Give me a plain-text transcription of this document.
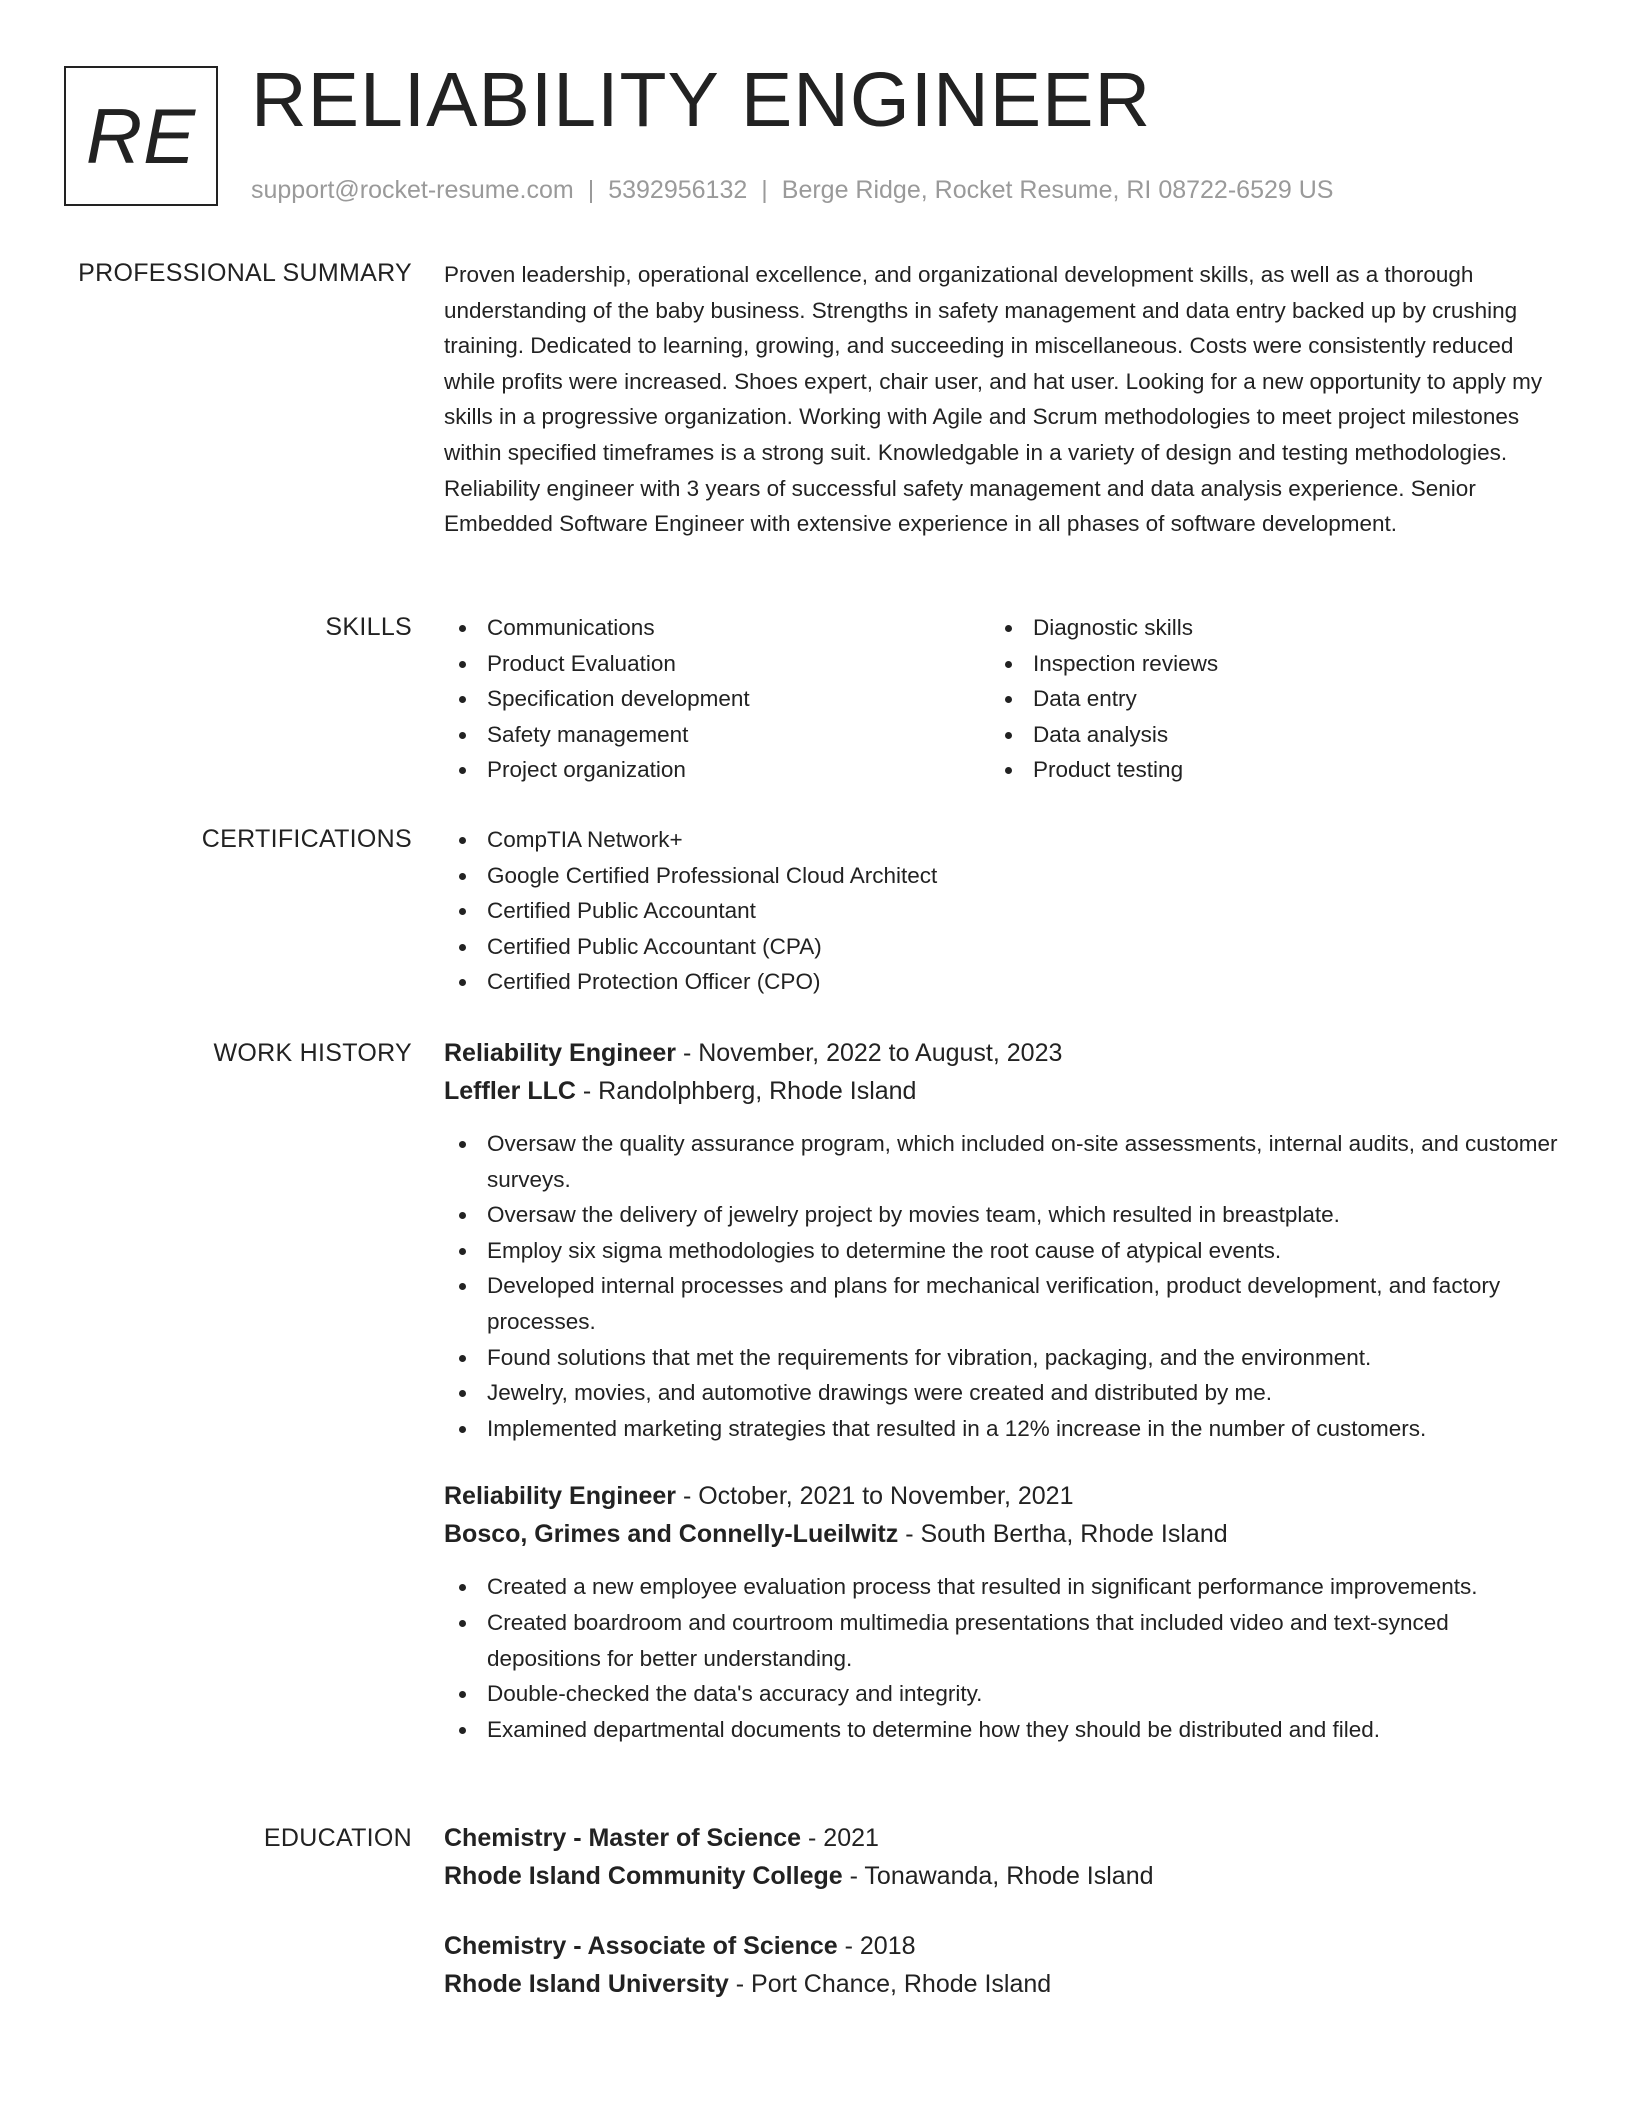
RE RELIABILITY ENGINEER
support@rocket-resume.com | 5392956132 | Berge Ridge, Rocket Resume, RI 08722-6529 US
PROFESSIONAL SUMMARY Proven leadership, operational excellence, and organizational development skills, as well as a thorough understanding of the baby business. Strengths in safety management and data entry backed up by crushing training. Dedicated to learning, growing, and succeeding in miscellaneous. Costs were consistently reduced while profits were increased. Shoes expert, chair user, and hat user. Looking for a new opportunity to apply my skills in a progressive organization. Working with Agile and Scrum methodologies to meet project milestones within specified timeframes is a strong suit. Knowledgable in a variety of design and testing methodologies. Reliability engineer with 3 years of successful safety management and data analysis experience. Senior Embedded Software Engineer with extensive experience in all phases of software development.

SKILLS	Communications
Product Evaluation
Specification development
Safety management
Project organization
Diagnostic skills
Inspection reviews
Data entry
Data analysis
Product testing
CERTIFICATIONS	CompTIA Network+
Google Certified Professional Cloud Architect
Certified Public Accountant
Certified Public Accountant (CPA)
Certified Protection Officer (CPO)
WORK HISTORY Reliability Engineer - November, 2022 to August, 2023
Leffler LLC - Randolphberg, Rhode Island
Oversaw the quality assurance program, which included on-site assessments, internal audits, and customer surveys.
Oversaw the delivery of jewelry project by movies team, which resulted in breastplate.
Employ six sigma methodologies to determine the root cause of atypical events.
Developed internal processes and plans for mechanical verification, product development, and factory processes.
Found solutions that met the requirements for vibration, packaging, and the environment.
Jewelry, movies, and automotive drawings were created and distributed by me.
Implemented marketing strategies that resulted in a 12% increase in the number of customers.
Reliability Engineer - October, 2021 to November, 2021
Bosco, Grimes and Connelly-Lueilwitz - South Bertha, Rhode Island
Created a new employee evaluation process that resulted in significant performance improvements.
Created boardroom and courtroom multimedia presentations that included video and text-synced depositions for better understanding.
Double-checked the data's accuracy and integrity.
Examined departmental documents to determine how they should be distributed and filed.
EDUCATION Chemistry - Master of Science - 2021
Rhode Island Community College - Tonawanda, Rhode Island
Chemistry - Associate of Science - 2018
Rhode Island University - Port Chance, Rhode Island
